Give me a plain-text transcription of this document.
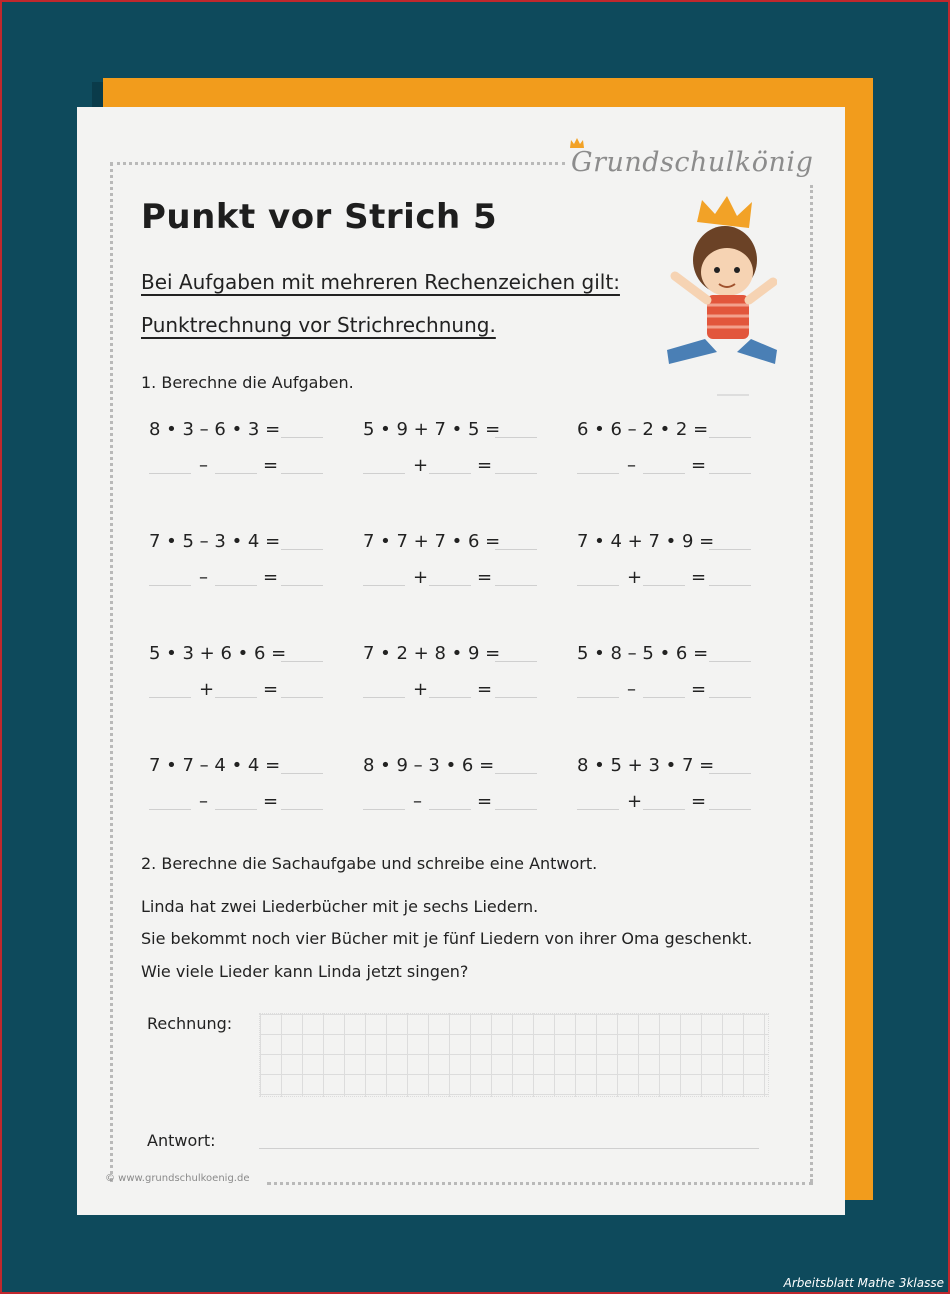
Grundschulkönig
Punkt vor Strich 5
Bei Aufgaben mit mehreren Rechenzeichen gilt:
Punktrechnung vor Strichrechnung.
1. Berechne die Aufgaben.
8 • 3 – 6 • 3 =
–	=
5 • 9 + 7 • 5 =
+	=
6 • 6 – 2 • 2 =
–	=
7 • 5 – 3 • 4 =
–	=
7 • 7 + 7 • 6 =
+	=
7 • 4 + 7 • 9 =
+	=
5 • 3 + 6 • 6 =
+	=
7 • 2 + 8 • 9 =
+	=
5 • 8 – 5 • 6 =
–	=
7 • 7 – 4 • 4 =
–	=
8 • 9 – 3 • 6 =
–	=
8 • 5 + 3 • 7 =
+	=
2. Berechne die Sachaufgabe und schreibe eine Antwort.
Linda hat zwei Liederbücher mit je sechs Liedern.
Sie bekommt noch vier Bücher mit je fünf Liedern von ihrer Oma geschenkt.
Wie viele Lieder kann Linda jetzt singen?
Rechnung:
Antwort:
© www.grundschulkoenig.de
Arbeitsblatt Mathe 3klasse
